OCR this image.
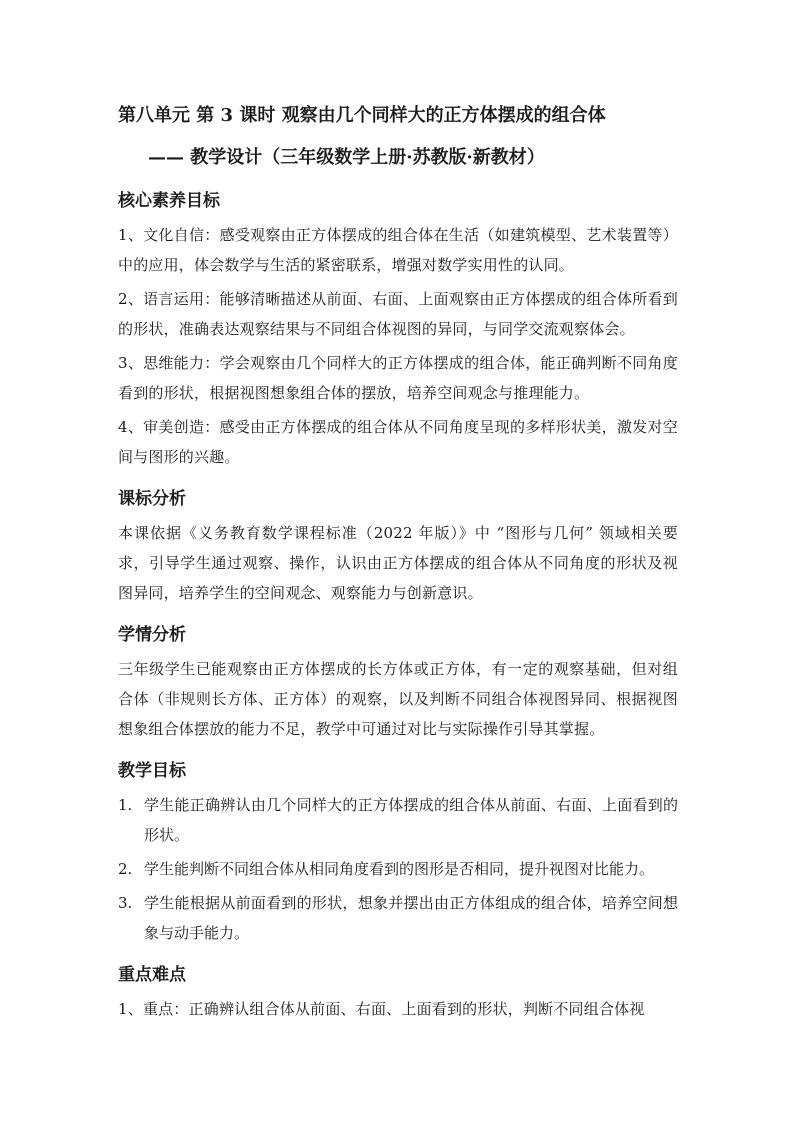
第八单元 第 3 课时 观察由几个同样大的正方体摆成的组合体
—— 教学设计（三年级数学上册·苏教版·新教材）
核心素养目标

1、文化自信：感受观察由正方体摆成的组合体在生活（如建筑模型、艺术装置等）中的应用，体会数学与生活的紧密联系，增强对数学实用性的认同。

2、语言运用：能够清晰描述从前面、右面、上面观察由正方体摆成的组合体所看到的形状，准确表达观察结果与不同组合体视图的异同，与同学交流观察体会。

3、思维能力：学会观察由几个同样大的正方体摆成的组合体，能正确判断不同角度看到的形状，根据视图想象组合体的摆放，培养空间观念与推理能力。

4、审美创造：感受由正方体摆成的组合体从不同角度呈现的多样形状美，激发对空间与图形的兴趣。

课标分析

本课依据《义务教育数学课程标准（2022 年版）》中 “图形与几何” 领域相关要求，引导学生通过观察、操作，认识由正方体摆成的组合体从不同角度的形状及视图异同，培养学生的空间观念、观察能力与创新意识。

学情分析

三年级学生已能观察由正方体摆成的长方体或正方体，有一定的观察基础，但对组合体（非规则长方体、正方体）的观察，以及判断不同组合体视图异同、根据视图想象组合体摆放的能力不足，教学中可通过对比与实际操作引导其掌握。

教学目标
1. 学生能正确辨认由几个同样大的正方体摆成的组合体从前面、右面、上面看到的形状。
2. 学生能判断不同组合体从相同角度看到的图形是否相同，提升视图对比能力。
3. 学生能根据从前面看到的形状，想象并摆出由正方体组成的组合体，培养空间想象与动手能力。
重点难点

1、重点：正确辨认组合体从前面、右面、上面看到的形状，判断不同组合体视
